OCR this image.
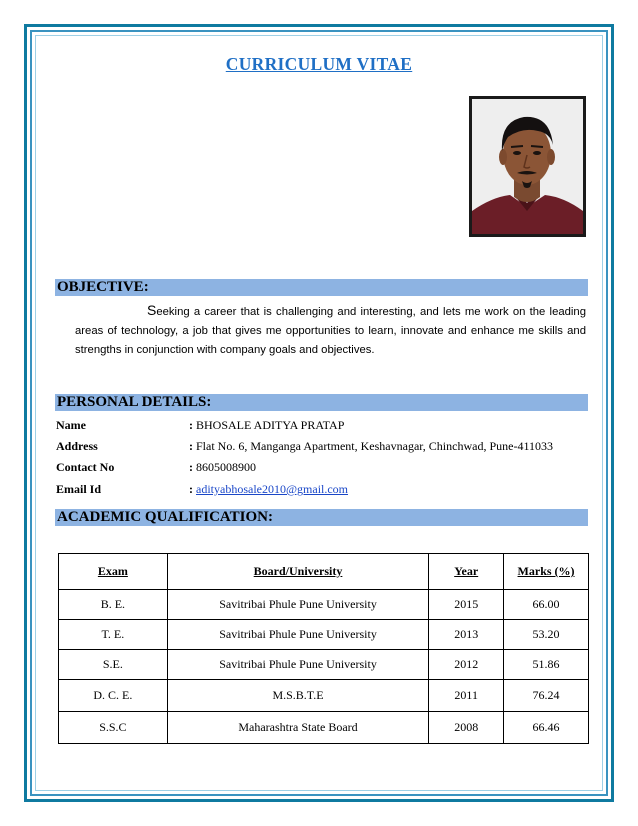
CURRICULUM VITAE
OBJECTIVE:
Seeking a career that is challenging and interesting, and lets me work on the leading areas of technology, a job that gives me opportunities to learn, innovate and enhance me skills and strengths in conjunction with company goals and objectives.
PERSONAL DETAILS:
Name	: BHOSALE ADITYA PRATAP
Address	: Flat No. 6, Manganga Apartment, Keshavnagar, Chinchwad, Pune-411033
Contact No	: 8605008900
Email Id	: adityabhosale2010@gmail.com
ACADEMIC QUALIFICATION:
Exam	Board/University	Year	Marks (%)
B. E.	Savitribai Phule Pune University	2015	66.00
T. E.	Savitribai Phule Pune University	2013	53.20
S.E.	Savitribai Phule Pune University	2012	51.86
D. C. E.	M.S.B.T.E	2011	76.24
S.S.C	Maharashtra State Board	2008	66.46
